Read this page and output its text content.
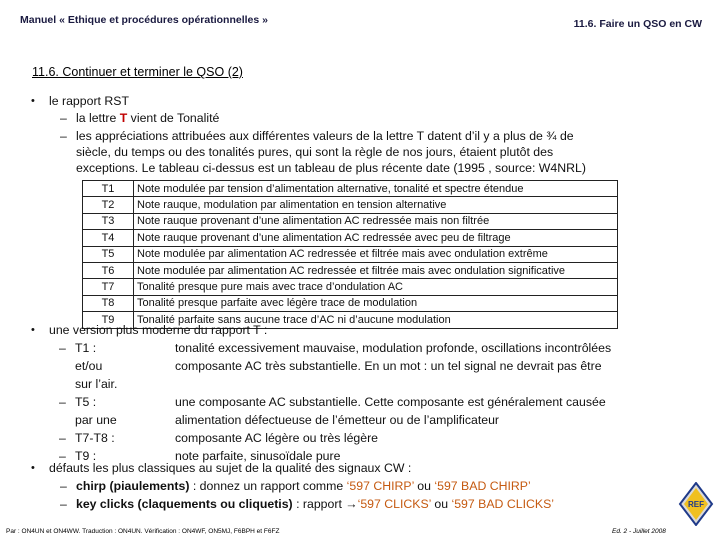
Manuel « Ethique et procédures opérationnelles »	11.6. Faire un QSO en CW
11.6. Continuer et terminer le QSO (2)
• le rapport RST
– la lettre T vient de Tonalité
– les appréciations attribuées aux différentes valeurs de la lettre T datent d’il y a plus de ¾ de
siècle, du temps ou des tonalités pures, qui sont la règle de nos jours, étaient plutôt des
exceptions. Le tableau ci-dessus est un tableau de plus récente date (1995 , source: W4NRL)
T1	Note modulée par tension d’alimentation alternative, tonalité et spectre étendue
T2	Note rauque, modulation par alimentation en tension alternative
T3	Note rauque provenant d’une alimentation AC redressée mais non filtrée
T4	Note rauque provenant d’une alimentation AC redressée avec peu de filtrage
T5	Note modulée par alimentation AC redressée et filtrée mais avec ondulation extrême
T6	Note modulée par alimentation AC redressée et filtrée mais avec ondulation significative
T7	Tonalité presque pure mais avec trace d’ondulation AC
T8	Tonalité presque parfaite avec légère trace de modulation
T9	Tonalité parfaite sans aucune trace d’AC ni d’aucune modulation
• une version plus moderne du rapport T :
– T1 :	tonalité excessivement mauvaise, modulation profonde, oscillations incontrôlées
et/ou	composante AC très substantielle. En un mot : un tel signal ne devrait pas être
sur l’air.
– T5 :	une composante AC substantielle. Cette composante est généralement causée
par une	alimentation défectueuse de l’émetteur ou de l’amplificateur
– T7-T8 :	composante AC légère ou très légère
– T9 :	note parfaite, sinusoïdale pure
• défauts les plus classiques au sujet de la qualité des signaux CW :
– chirp (piaulements) : donnez un rapport comme ‘597 CHIRP’ ou ‘597 BAD CHIRP’
– key clicks (claquements ou cliquetis) : rapport →‘597 CLICKS’ ou ‘597 BAD CLICKS’	REF
Par : ON4UN et ON4WW. Traduction : ON4UN. Vérification : ON4WF, ON5MJ, F6BPH et F6FZ	Ed. 2 - Juillet 2008
